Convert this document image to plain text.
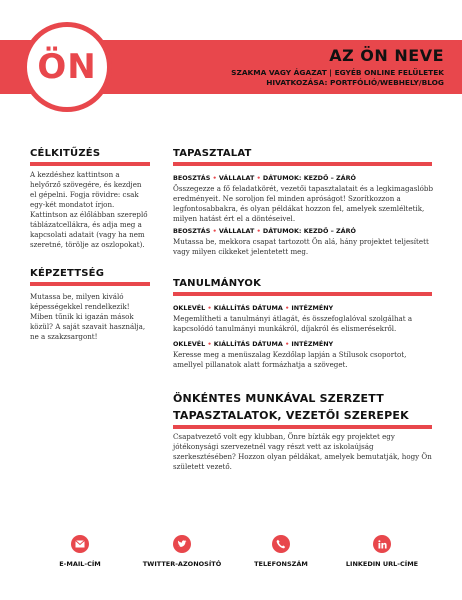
ÖN	AZ ÖN NEVE
SZAKMA VAGY ÁGAZAT | EGYÉB ONLINE FELÜLETEK
HIVATKOZÁSA: PORTFÓLIÓ/WEBHELY/BLOG
CÉLKITŰZÉS
A kezdéshez kattintson a helyőrző szövegére, és kezdjen el gépelni. Fogja rövidre: csak egy-két mondatot írjon.
Kattintson az élőlábban szereplő táblázatcellákra, és adja meg a kapcsolati adatait (vagy ha nem szeretné, törölje az oszlopokat).
KÉPZETTSÉG
Mutassa be, milyen kiváló képességekkel rendelkezik! Miben tűnik ki igazán mások közül? A saját szavait használja, ne a szakzsargont!
TAPASZTALAT
BEOSZTÁS • VÁLLALAT • DÁTUMOK: KEZDŐ – ZÁRÓ
Összegezze a fő feladatkörét, vezetői tapasztalatait és a legkimagaslóbb eredményeit. Ne soroljon fel minden apróságot! Szorítkozzon a legfontosabbakra, és olyan példákat hozzon fel, amelyek szemléltetik, milyen hatást ért el a döntéseivel.
BEOSZTÁS • VÁLLALAT • DÁTUMOK: KEZDŐ – ZÁRÓ
Mutassa be, mekkora csapat tartozott Ön alá, hány projektet teljesített vagy milyen cikkeket jelentetett meg.
TANULMÁNYOK
OKLEVÉL • KIÁLLÍTÁS DÁTUMA • INTÉZMÉNY
Megemlítheti a tanulmányi átlagát, és összefoglalóval szolgálhat a kapcsolódó tanulmányi munkákról, díjakról és elismerésekről.
OKLEVÉL • KIÁLLÍTÁS DÁTUMA • INTÉZMÉNY
Keresse meg a menüszalag Kezdőlap lapján a Stílusok csoportot, amellyel pillanatok alatt formázhatja a szöveget.
ÖNKÉNTES MUNKÁVAL SZERZETT
TAPASZTALATOK, VEZETŐI SZEREPEK
Csapatvezető volt egy klubban, Önre bízták egy projektet egy jótékonysági szervezetnél vagy részt vett az iskolaújság szerkesztésében? Hozzon olyan példákat, amelyek bemutatják, hogy Ön született vezető.
E-MAIL-CÍM	TWITTER-AZONOSÍTÓ	TELEFONSZÁM	LINKEDIN URL-CÍME
